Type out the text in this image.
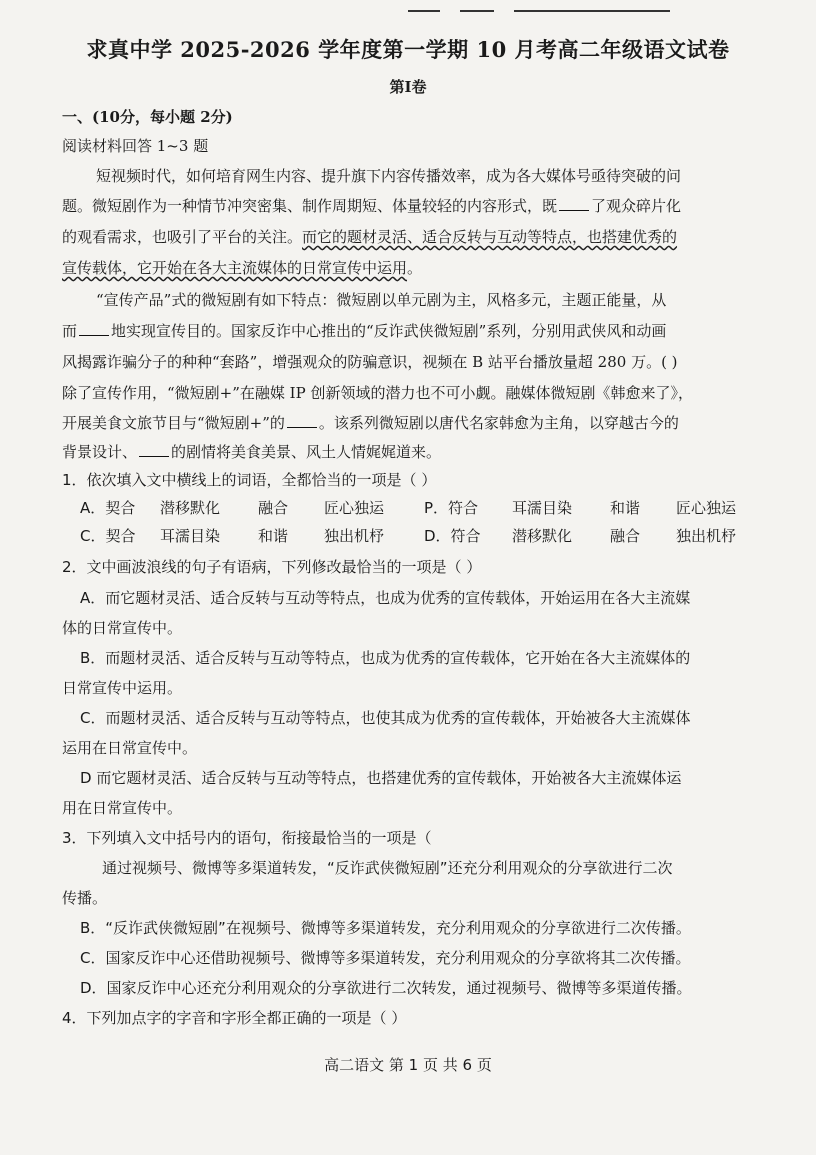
求真中学 2025-2026 学年度第一学期 10 月考高二年级语文试卷
第Ⅰ卷
一、(10分，每小题 2分)
阅读材料回答 1~3 题
短视频时代，如何培育网生内容、提升旗下内容传播效率，成为各大媒体号亟待突破的问
题。微短剧作为一种情节冲突密集、制作周期短、体量较轻的内容形式，既 了观众碎片化
的观看需求，也吸引了平台的关注。而它的题材灵活、适合反转与互动等特点，也搭建优秀的
宣传载体，它开始在各大主流媒体的日常宣传中运用。
“宣传产品”式的微短剧有如下特点：微短剧以单元剧为主，风格多元，主题正能量，从
而 地实现宣传目的。国家反诈中心推出的“反诈武侠微短剧”系列，分别用武侠风和动画
风揭露诈骗分子的种种“套路”，增强观众的防骗意识，视频在 B 站平台播放量超 280 万。( )
除了宣传作用，“微短剧+”在融媒 IP 创新领域的潜力也不可小觑。融媒体微短剧《韩愈来了》，
开展美食文旅节目与“微短剧+”的 。该系列微短剧以唐代名家韩愈为主角，以穿越古今的
背景设计、 的剧情将美食美景、风土人情娓娓道来。
1．依次填入文中横线上的词语，全都恰当的一项是（ ）
A．契合	潜移默化	融合	匠心独运	P．符合	耳濡目染	和谐	匠心独运
C．契合	耳濡目染	和谐	独出机杼	D．符合	潜移默化	融合	独出机杼
2．文中画波浪线的句子有语病，下列修改最恰当的一项是（ ）
A．而它题材灵活、适合反转与互动等特点，也成为优秀的宣传载体，开始运用在各大主流媒
体的日常宣传中。
B．而题材灵活、适合反转与互动等特点，也成为优秀的宣传载体，它开始在各大主流媒体的
日常宣传中运用。
C．而题材灵活、适合反转与互动等特点，也使其成为优秀的宣传载体，开始被各大主流媒体
运用在日常宣传中。
D 而它题材灵活、适合反转与互动等特点，也搭建优秀的宣传载体，开始被各大主流媒体运
用在日常宣传中。
3．下列填入文中括号内的语句，衔接最恰当的一项是（
通过视频号、微博等多渠道转发，“反诈武侠微短剧”还充分利用观众的分享欲进行二次
传播。
B．“反诈武侠微短剧”在视频号、微博等多渠道转发，充分利用观众的分享欲进行二次传播。
C．国家反诈中心还借助视频号、微博等多渠道转发，充分利用观众的分享欲将其二次传播。
D．国家反诈中心还充分利用观众的分享欲进行二次转发，通过视频号、微博等多渠道传播。
4．下列加点字的字音和字形全都正确的一项是（ ）
高二语文 第 1 页 共 6 页
